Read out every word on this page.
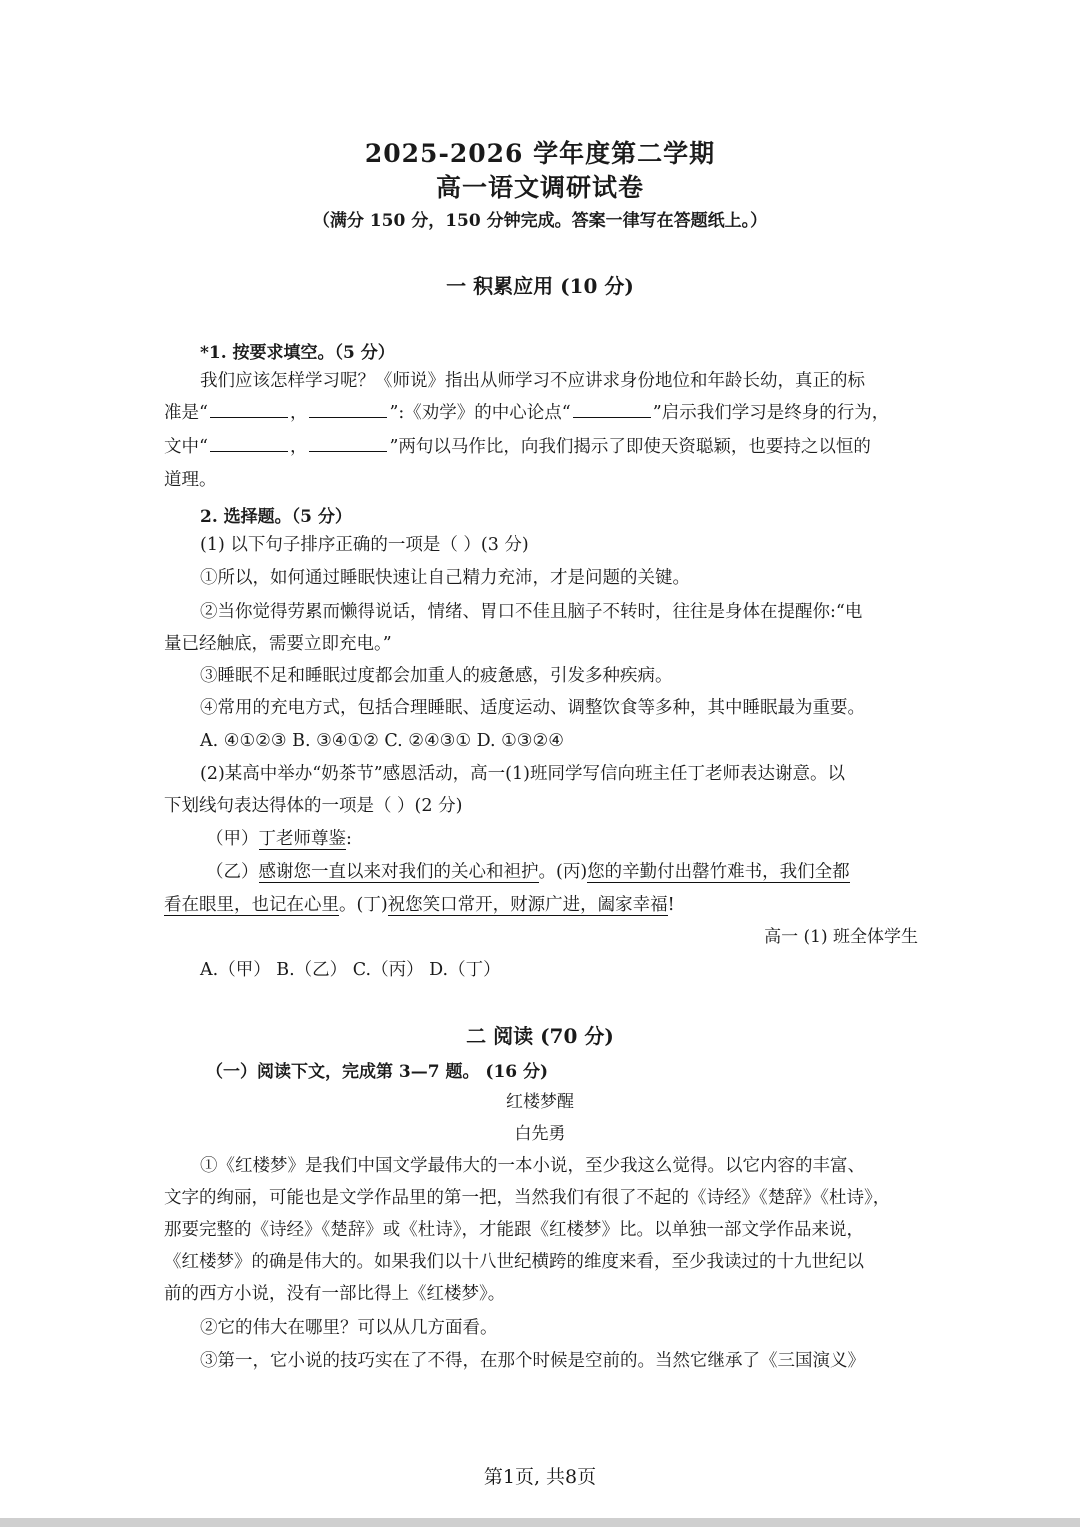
2025-2026 学年度第二学期
高一语文调研试卷
（满分 150 分，150 分钟完成。答案一律写在答题纸上。）
一 积累应用 (10 分)
*1. 按要求填空。（5 分）
我们应该怎样学习呢？《师说》指出从师学习不应讲求身份地位和年龄长幼，真正的标
准是“	，	”:《劝学》的中心论点“	”启示我们学习是终身的行为，
文中“	，	”两句以马作比，向我们揭示了即使天资聪颖，也要持之以恒的
道理。
2. 选择题。（5 分）
(1) 以下句子排序正确的一项是（ ）(3 分)
①所以，如何通过睡眠快速让自己精力充沛，才是问题的关键。
②当你觉得劳累而懒得说话，情绪、胃口不佳且脑子不转时，往往是身体在提醒你:“电
量已经触底，需要立即充电。”
③睡眠不足和睡眠过度都会加重人的疲惫感，引发多种疾病。
④常用的充电方式，包括合理睡眠、适度运动、调整饮食等多种，其中睡眠最为重要。
A. ④①②③ B. ③④①② C. ②④③① D. ①③②④
(2)某高中举办“奶茶节”感恩活动，高一(1)班同学写信向班主任丁老师表达谢意。以
下划线句表达得体的一项是（ ）(2 分)
（甲）丁老师尊鉴:
（乙）感谢您一直以来对我们的关心和袒护。(丙)您的辛勤付出罄竹难书，我们全都
看在眼里，也记在心里。(丁)祝您笑口常开，财源广进，阖家幸福!
高一 (1) 班全体学生
A.（甲） B.（乙） C.（丙） D.（丁）
二 阅读 (70 分)
（一）阅读下文，完成第 3—7 题。 (16 分)
红楼梦醒
白先勇
①《红楼梦》是我们中国文学最伟大的一本小说，至少我这么觉得。以它内容的丰富、
文字的绚丽，可能也是文学作品里的第一把，当然我们有很了不起的《诗经》《楚辞》《杜诗》，
那要完整的《诗经》《楚辞》或《杜诗》，才能跟《红楼梦》比。以单独一部文学作品来说，
《红楼梦》的确是伟大的。如果我们以十八世纪横跨的维度来看，至少我读过的十九世纪以
前的西方小说，没有一部比得上《红楼梦》。
②它的伟大在哪里？可以从几方面看。
③第一，它小说的技巧实在了不得，在那个时候是空前的。当然它继承了《三国演义》
第1页, 共8页
